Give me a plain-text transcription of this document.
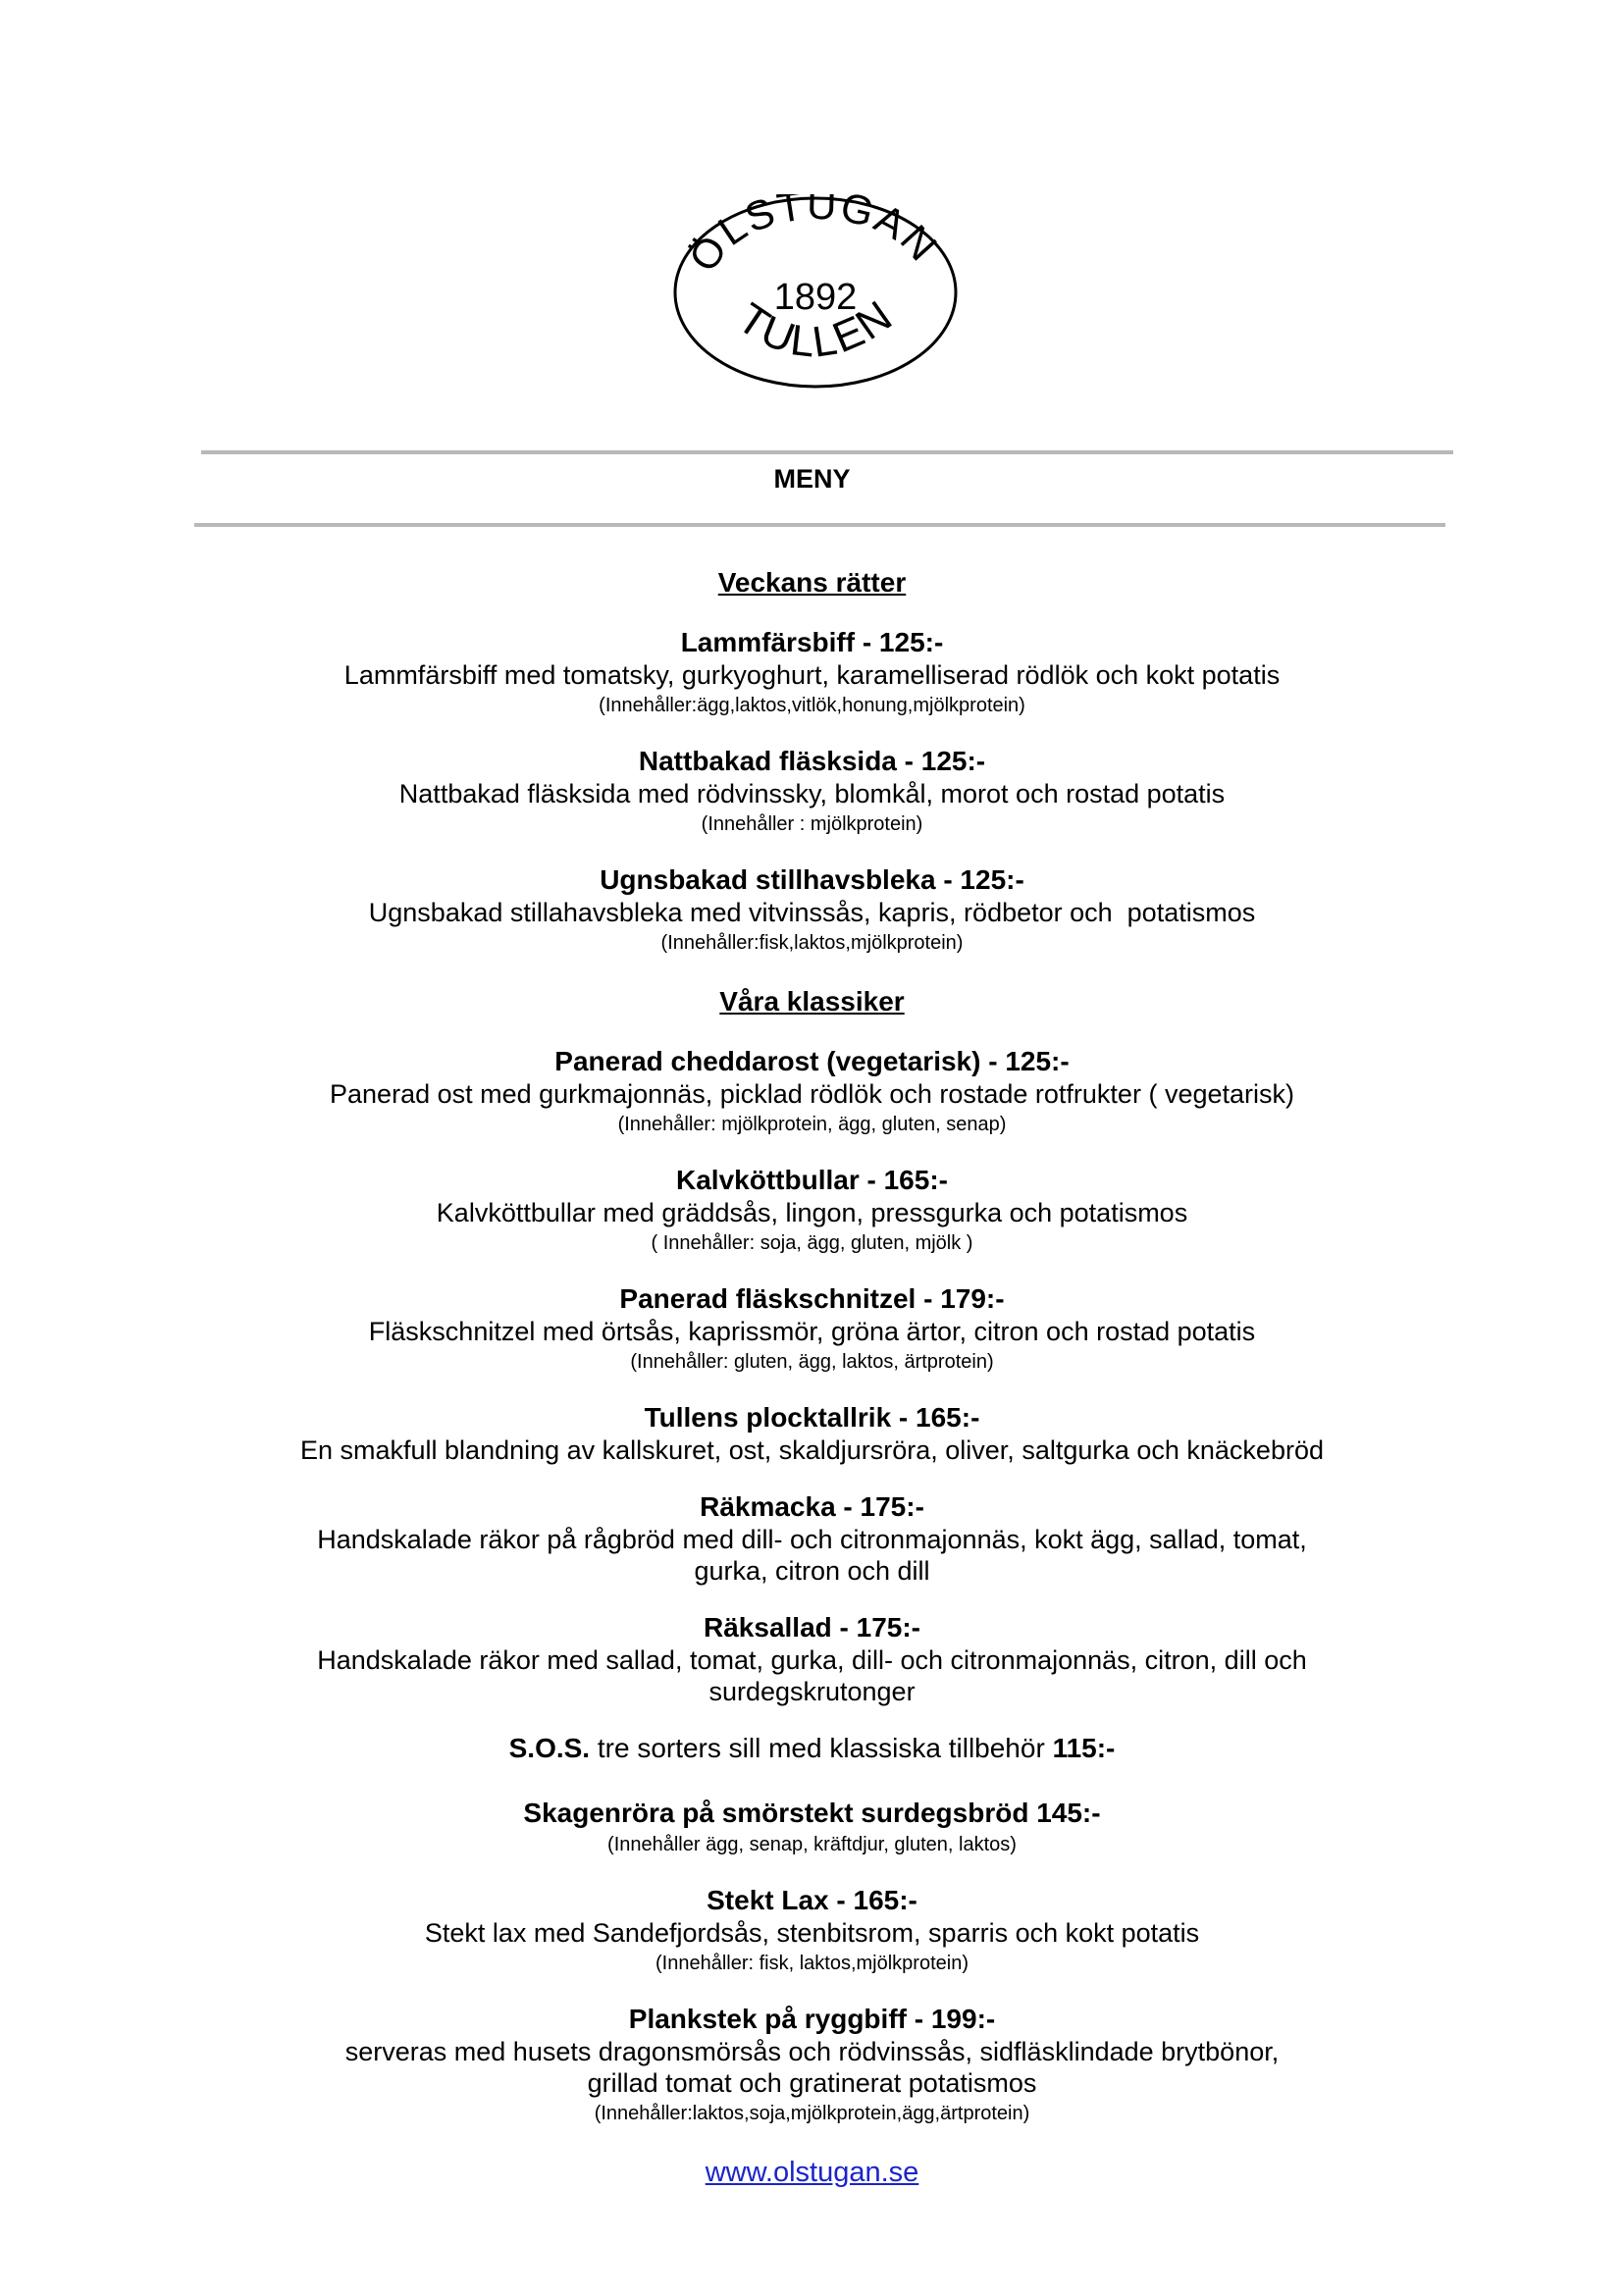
ÖLSTUGAN
1892
TULLEN
MENY
Veckans rätter
Lammfärsbiff - 125:-
Lammfärsbiff med tomatsky, gurkyoghurt, karamelliserad rödlök och kokt potatis
(Innehåller:ägg,laktos,vitlök,honung,mjölkprotein)
Nattbakad fläsksida - 125:-
Nattbakad fläsksida med rödvinssky, blomkål, morot och rostad potatis
(Innehåller : mjölkprotein)
Ugnsbakad stillhavsbleka - 125:-
Ugnsbakad stillahavsbleka med vitvinssås, kapris, rödbetor och  potatismos
(Innehåller:fisk,laktos,mjölkprotein)
Våra klassiker
Panerad cheddarost (vegetarisk) - 125:-
Panerad ost med gurkmajonnäs, picklad rödlök och rostade rotfrukter ( vegetarisk)
(Innehåller: mjölkprotein, ägg, gluten, senap)
Kalvköttbullar - 165:-
Kalvköttbullar med gräddsås, lingon, pressgurka och potatismos
( Innehåller: soja, ägg, gluten, mjölk )
Panerad fläskschnitzel - 179:-
Fläskschnitzel med örtsås, kaprissmör, gröna ärtor, citron och rostad potatis
(Innehåller: gluten, ägg, laktos, ärtprotein)
Tullens plocktallrik - 165:-
En smakfull blandning av kallskuret, ost, skaldjursröra, oliver, saltgurka och knäckebröd
Räkmacka - 175:-
Handskalade räkor på rågbröd med dill- och citronmajonnäs, kokt ägg, sallad, tomat,
gurka, citron och dill
Räksallad - 175:-
Handskalade räkor med sallad, tomat, gurka, dill- och citronmajonnäs, citron, dill och
surdegskrutonger
S.O.S. tre sorters sill med klassiska tillbehör 115:-
Skagenröra på smörstekt surdegsbröd 145:-
(Innehåller ägg, senap, kräftdjur, gluten, laktos)
Stekt Lax - 165:-
Stekt lax med Sandefjordsås, stenbitsrom, sparris och kokt potatis
(Innehåller: fisk, laktos,mjölkprotein)
Plankstek på ryggbiff - 199:-
serveras med husets dragonsmörsås och rödvinssås, sidfläsklindade brytbönor,
grillad tomat och gratinerat potatismos
(Innehåller:laktos,soja,mjölkprotein,ägg,ärtprotein)
www.olstugan.se
